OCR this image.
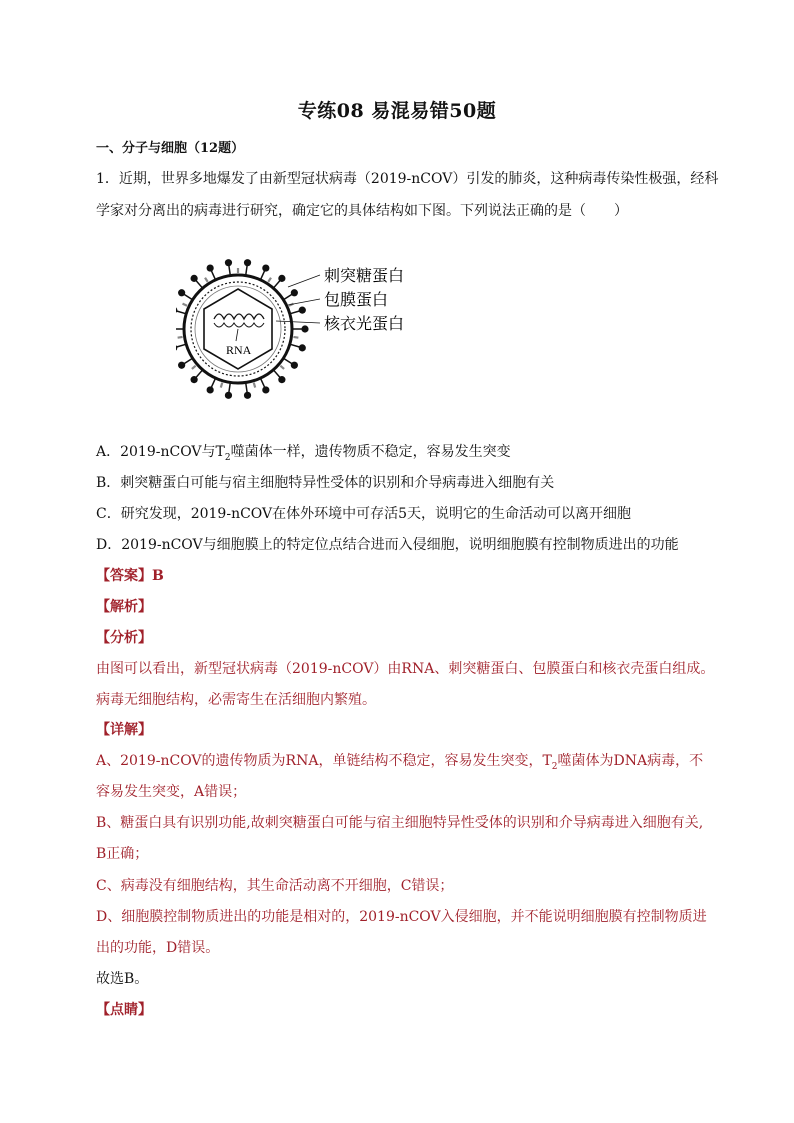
专练08 易混易错50题
一、分子与细胞（12题）
1．近期，世界多地爆发了由新型冠状病毒（2019-nCOV）引发的肺炎，这种病毒传染性极强，经科
学家对分离出的病毒进行研究，确定它的具体结构如下图。下列说法正确的是（　　）
RNA
刺突糖蛋白
包膜蛋白
核衣光蛋白
A．2019-nCOV与$T_2$噬菌体一样，遗传物质不稳定，容易发生突变
B．刺突糖蛋白可能与宿主细胞特异性受体的识别和介导病毒进入细胞有关
C．研究发现，2019-nCOV在体外环境中可存活5天，说明它的生命活动可以离开细胞
D．2019-nCOV与细胞膜上的特定位点结合进而入侵细胞，说明细胞膜有控制物质进出的功能
【答案】B
【解析】
【分析】
由图可以看出，新型冠状病毒（2019-nCOV）由RNA、刺突糖蛋白、包膜蛋白和核衣壳蛋白组成。
病毒无细胞结构，必需寄生在活细胞内繁殖。
【详解】
A、2019-nCOV的遗传物质为RNA，单链结构不稳定，容易发生突变，$T_2$噬菌体为DNA病毒，不
容易发生突变，A错误；
B、糖蛋白具有识别功能,故刺突糖蛋白可能与宿主细胞特异性受体的识别和介导病毒进入细胞有关,
B正确；
C、病毒没有细胞结构，其生命活动离不开细胞，C错误；
D、细胞膜控制物质进出的功能是相对的，2019-nCOV入侵细胞，并不能说明细胞膜有控制物质进
出的功能，D错误。
故选B。
【点睛】
